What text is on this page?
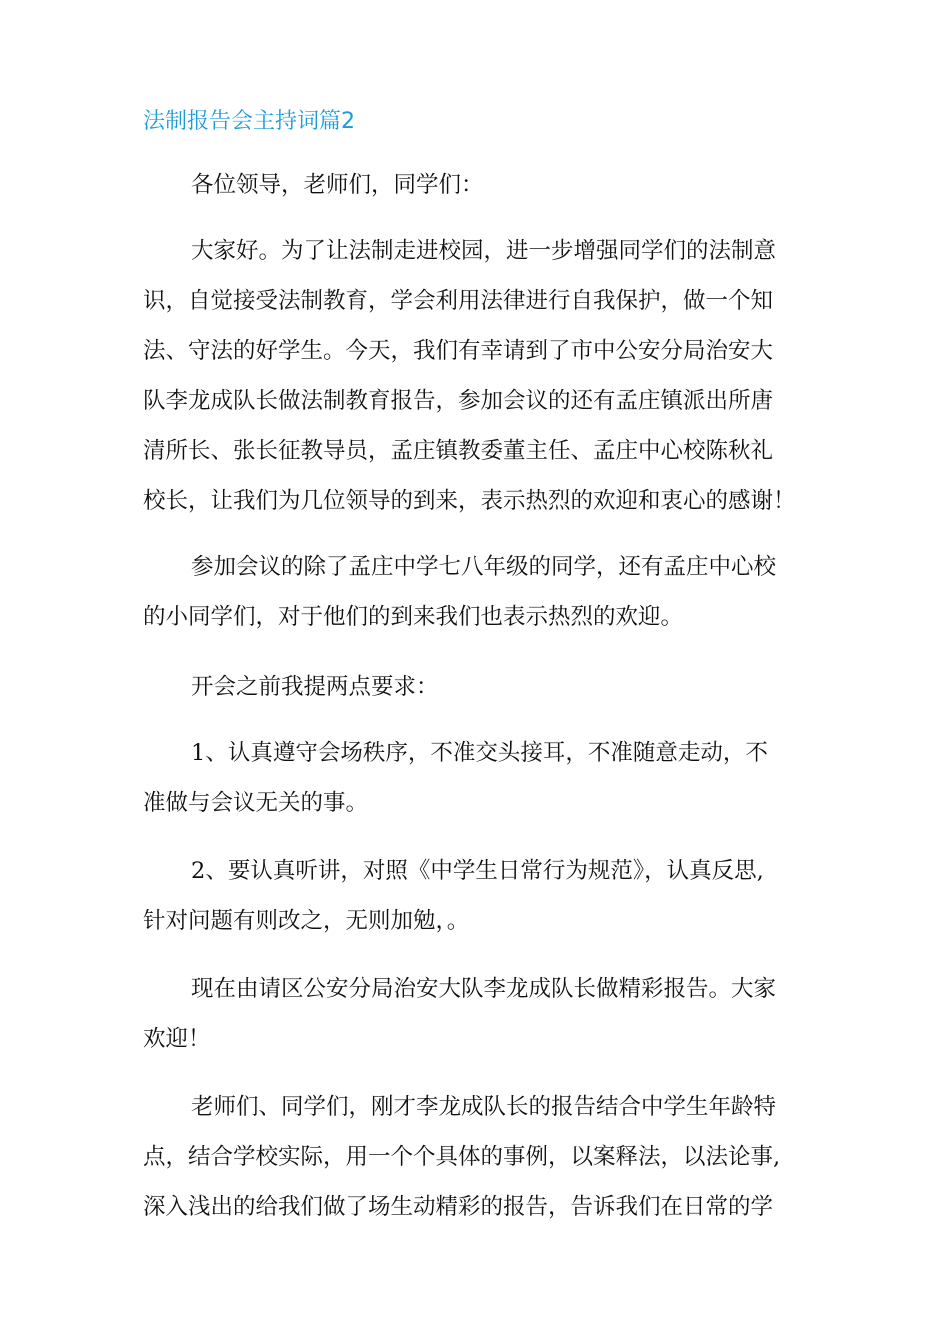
法制报告会主持词篇2
各位领导，老师们，同学们：
大家好。为了让法制走进校园，进一步增强同学们的法制意
识，自觉接受法制教育，学会利用法律进行自我保护，做一个知
法、守法的好学生。今天，我们有幸请到了市中公安分局治安大
队李龙成队长做法制教育报告，参加会议的还有孟庄镇派出所唐
清所长、张长征教导员，孟庄镇教委董主任、孟庄中心校陈秋礼
校长，让我们为几位领导的到来，表示热烈的欢迎和衷心的感谢！
参加会议的除了孟庄中学七八年级的同学，还有孟庄中心校
的小同学们，对于他们的到来我们也表示热烈的欢迎。
开会之前我提两点要求：
1、认真遵守会场秩序，不准交头接耳，不准随意走动，不
准做与会议无关的事。
2、要认真听讲，对照《中学生日常行为规范》，认真反思,
针对问题有则改之，无则加勉，。
现在由请区公安分局治安大队李龙成队长做精彩报告。大家
欢迎！
老师们、同学们，刚才李龙成队长的报告结合中学生年龄特
点，结合学校实际，用一个个具体的事例，以案释法，以法论事,
深入浅出的给我们做了场生动精彩的报告，告诉我们在日常的学
